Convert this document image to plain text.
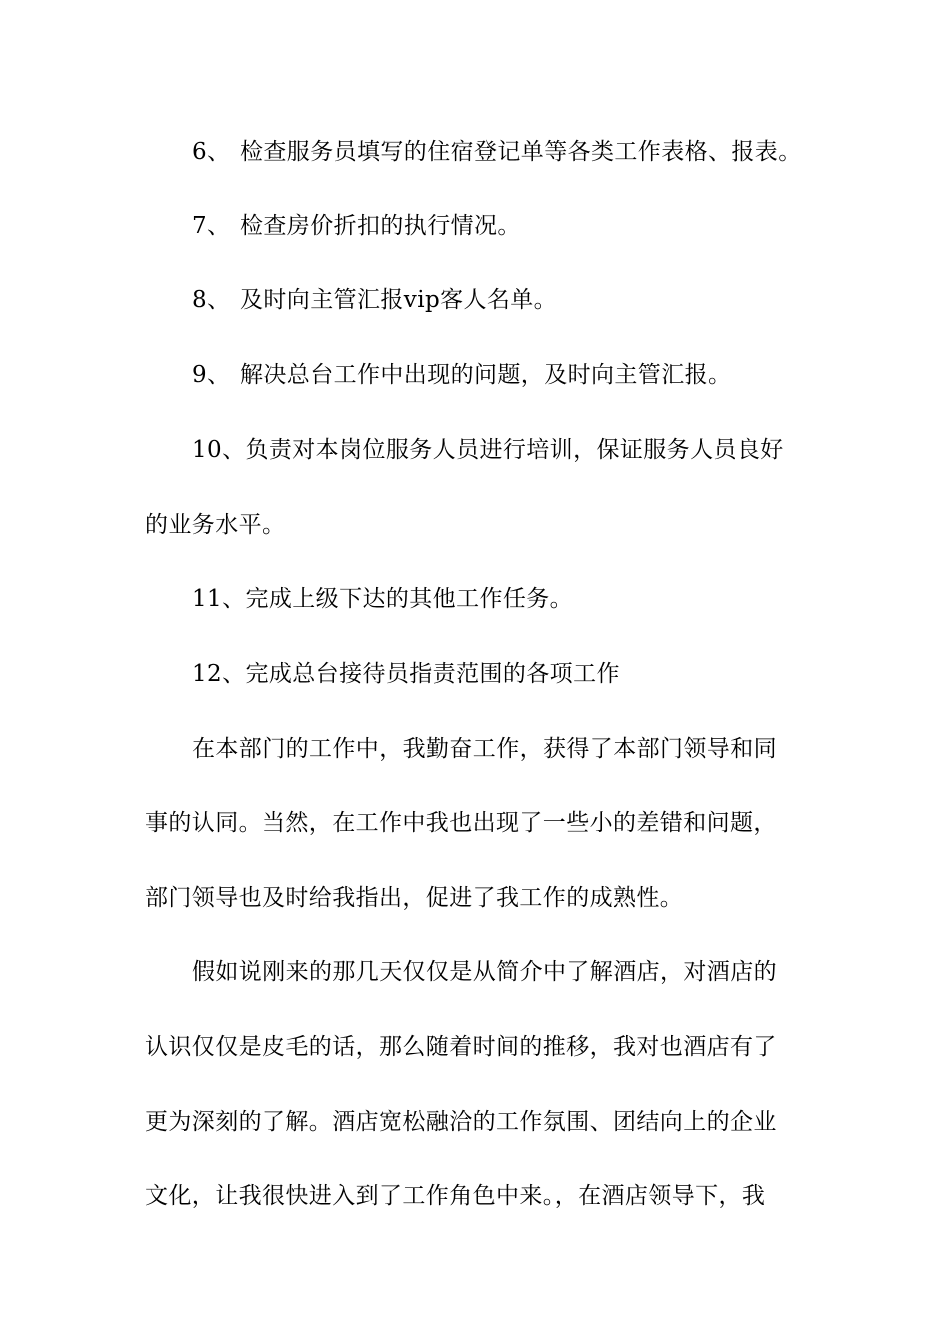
6、 检查服务员填写的住宿登记单等各类工作表格、报表。
7、 检查房价折扣的执行情况。
8、 及时向主管汇报vip客人名单。
9、 解决总台工作中出现的问题，及时向主管汇报。
10、负责对本岗位服务人员进行培训，保证服务人员良好
的业务水平。
11、完成上级下达的其他工作任务。
12、完成总台接待员指责范围的各项工作
在本部门的工作中，我勤奋工作，获得了本部门领导和同
事的认同。当然，在工作中我也出现了一些小的差错和问题，
部门领导也及时给我指出，促进了我工作的成熟性。
假如说刚来的那几天仅仅是从简介中了解酒店，对酒店的
认识仅仅是皮毛的话，那么随着时间的推移，我对也酒店有了
更为深刻的了解。酒店宽松融洽的工作氛围、团结向上的企业
文化，让我很快进入到了工作角色中来。，在酒店领导下，我
